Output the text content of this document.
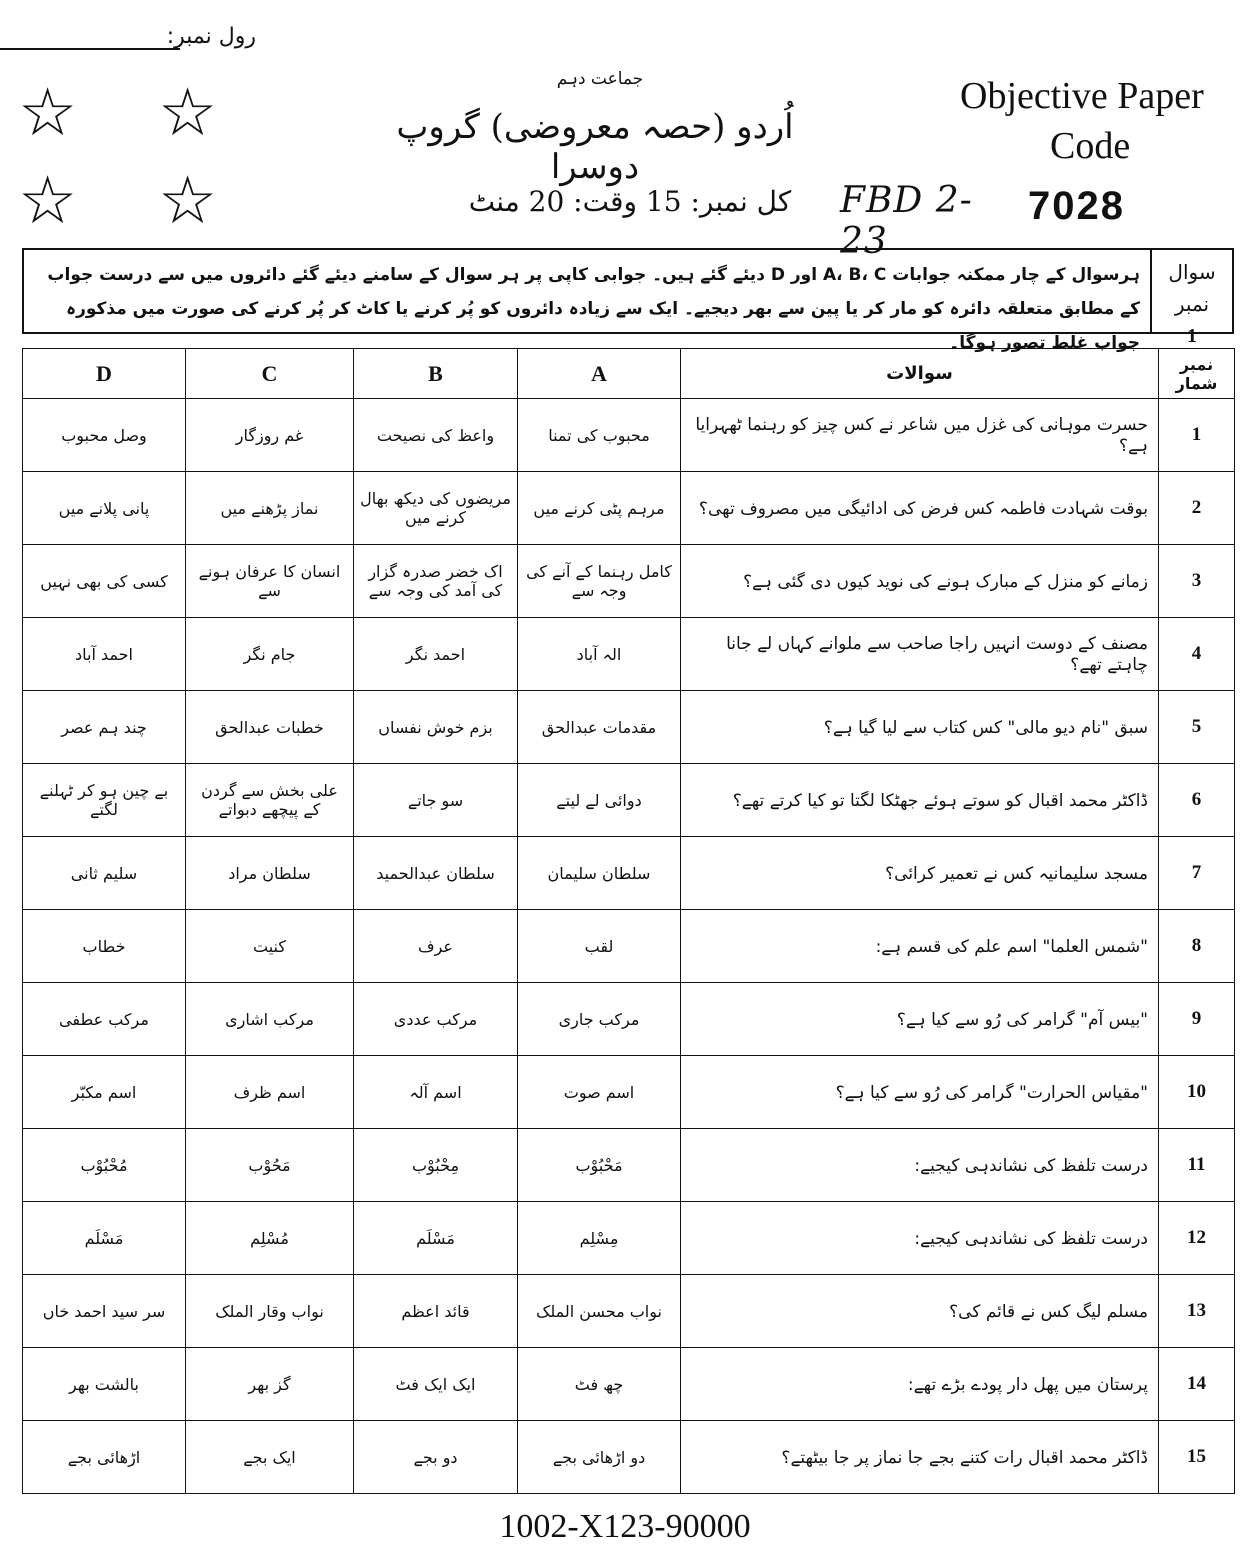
رول نمبر:
☆ ☆
☆ ☆
جماعت دہم
اُردو (حصہ معروضی) گروپ دوسرا
Objective Paper
Code
کل نمبر: 15 وقت: 20 منٹ	FBD 2-23
7028
سوال نمبر
1
ہرسوال کے چار ممکنہ جوابات A، B، C اور D دیئے گئے ہیں۔ جوابی کاپی پر ہر سوال کے سامنے دیئے گئے دائروں میں سے درست جواب کے مطابق متعلقہ دائرہ کو مار کر یا پین سے بھر دیجیے۔ ایک سے زیادہ دائروں کو پُر کرنے یا کاٹ کر پُر کرنے کی صورت میں مذکورہ جواب غلط تصور ہوگا۔
D	C	B	A	سوالات	نمبر شمار
وصل محبوب	غم روزگار	واعظ کی نصیحت	محبوب کی تمنا	حسرت موہانی کی غزل میں شاعر نے کس چیز کو رہنما ٹھہرایا ہے؟	1
پانی پلانے میں	نماز پڑھنے میں	مریضوں کی دیکھ بھال کرنے میں	مرہم پٹی کرنے میں	بوقت شہادت فاطمہ کس فرض کی ادائیگی میں مصروف تھی؟	2
کسی کی بھی نہیں	انسان کا عرفان ہونے سے	اک خضر صدرہ گزار کی آمد کی وجہ سے	کامل رہنما کے آنے کی وجہ سے	زمانے کو منزل کے مبارک ہونے کی نوید کیوں دی گئی ہے؟	3
احمد آباد	جام نگر	احمد نگر	الہ آباد	مصنف کے دوست انہیں راجا صاحب سے ملوانے کہاں لے جانا چاہتے تھے؟	4
چند ہم عصر	خطبات عبدالحق	بزم خوش نفساں	مقدمات عبدالحق	سبق "نام دیو مالی" کس کتاب سے لیا گیا ہے؟	5
بے چین ہو کر ٹہلنے لگتے	علی بخش سے گردن کے پیچھے دبواتے	سو جاتے	دوائی لے لیتے	ڈاکٹر محمد اقبال کو سوتے ہوئے جھٹکا لگتا تو کیا کرتے تھے؟	6
سلیم ثانی	سلطان مراد	سلطان عبدالحمید	سلطان سلیمان	مسجد سلیمانیہ کس نے تعمیر کرائی؟	7
خطاب	کنیت	عرف	لقب	"شمس العلما" اسم علم کی قسم ہے:	8
مرکب عطفی	مرکب اشاری	مرکب عددی	مرکب جاری	"بیس آم" گرامر کی رُو سے کیا ہے؟	9
اسم مکبّر	اسم ظرف	اسم آلہ	اسم صوت	"مقیاس الحرارت" گرامر کی رُو سے کیا ہے؟	10
مُحْبُوْب	مَحُوْب	مِحْبُوْب	مَحْبُوْب	درست تلفظ کی نشاندہی کیجیے:	11
مَسْلَم	مُسْلِم	مَسْلَم	مِسْلِم	درست تلفظ کی نشاندہی کیجیے:	12
سر سید احمد خاں	نواب وقار الملک	قائد اعظم	نواب محسن الملک	مسلم لیگ کس نے قائم کی؟	13
بالشت بھر	گز بھر	ایک ایک فٹ	چھ فٹ	پرستان میں پھل دار پودے بڑے تھے:	14
اڑھائی بجے	ایک بجے	دو بجے	دو اڑھائی بجے	ڈاکٹر محمد اقبال رات کتنے بجے جا نماز پر جا بیٹھتے؟	15
1002-X123-90000
